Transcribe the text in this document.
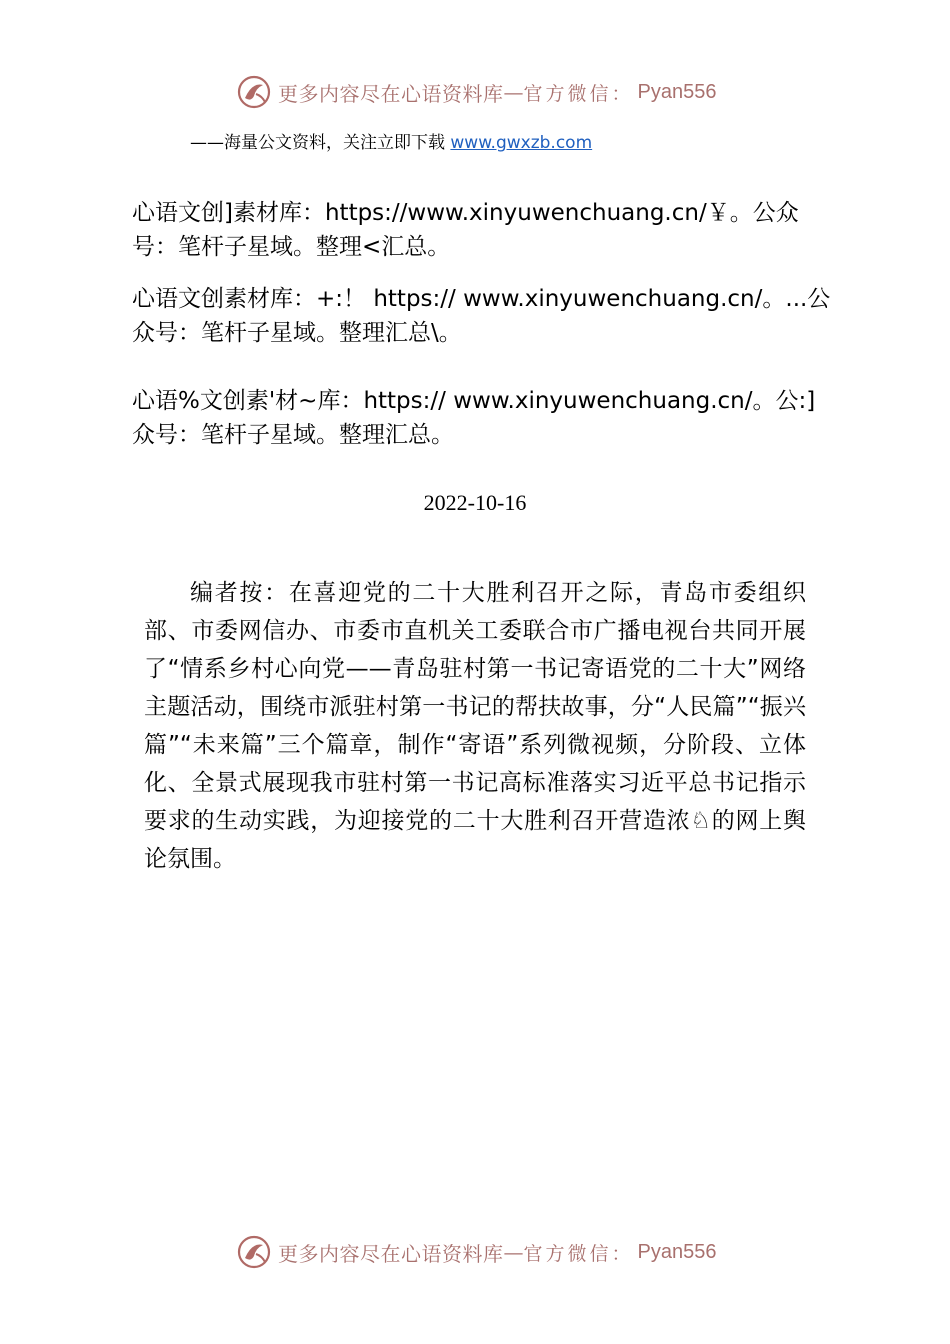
更多内容尽在心语资料库 — 官方微信： Pyan556
——海量公文资料，关注立即下载 www.gwxzb.com
心语文创]素材库：https://www.xinyuwenchuang.cn/￥。公众号：笔杆子星域。整理<汇总。
心语文创素材库：+:！ https:// www.xinyuwenchuang.cn/。...公众号：笔杆子星域。整理汇总\。
心语%文创素'材~库：https:// www.xinyuwenchuang.cn/。公:]众号：笔杆子星域。整理汇总。
2022-10-16
编者按：在喜迎党的二十大胜利召开之际，青岛市委组织部、市委网信办、市委市直机关工委联合市广播电视台共同开展了“情系乡村心向党——青岛驻村第一书记寄语党的二十大”网络主题活动，围绕市派驻村第一书记的帮扶故事，分“人民篇”“振兴篇”“未来篇”三个篇章，制作“寄语”系列微视频，分阶段、立体化、全景式展现我市驻村第一书记高标准落实习近平总书记指示要求的生动实践，为迎接党的二十大胜利召开营造浓♘的网上舆论氛围。
更多内容尽在心语资料库 — 官方微信： Pyan556
